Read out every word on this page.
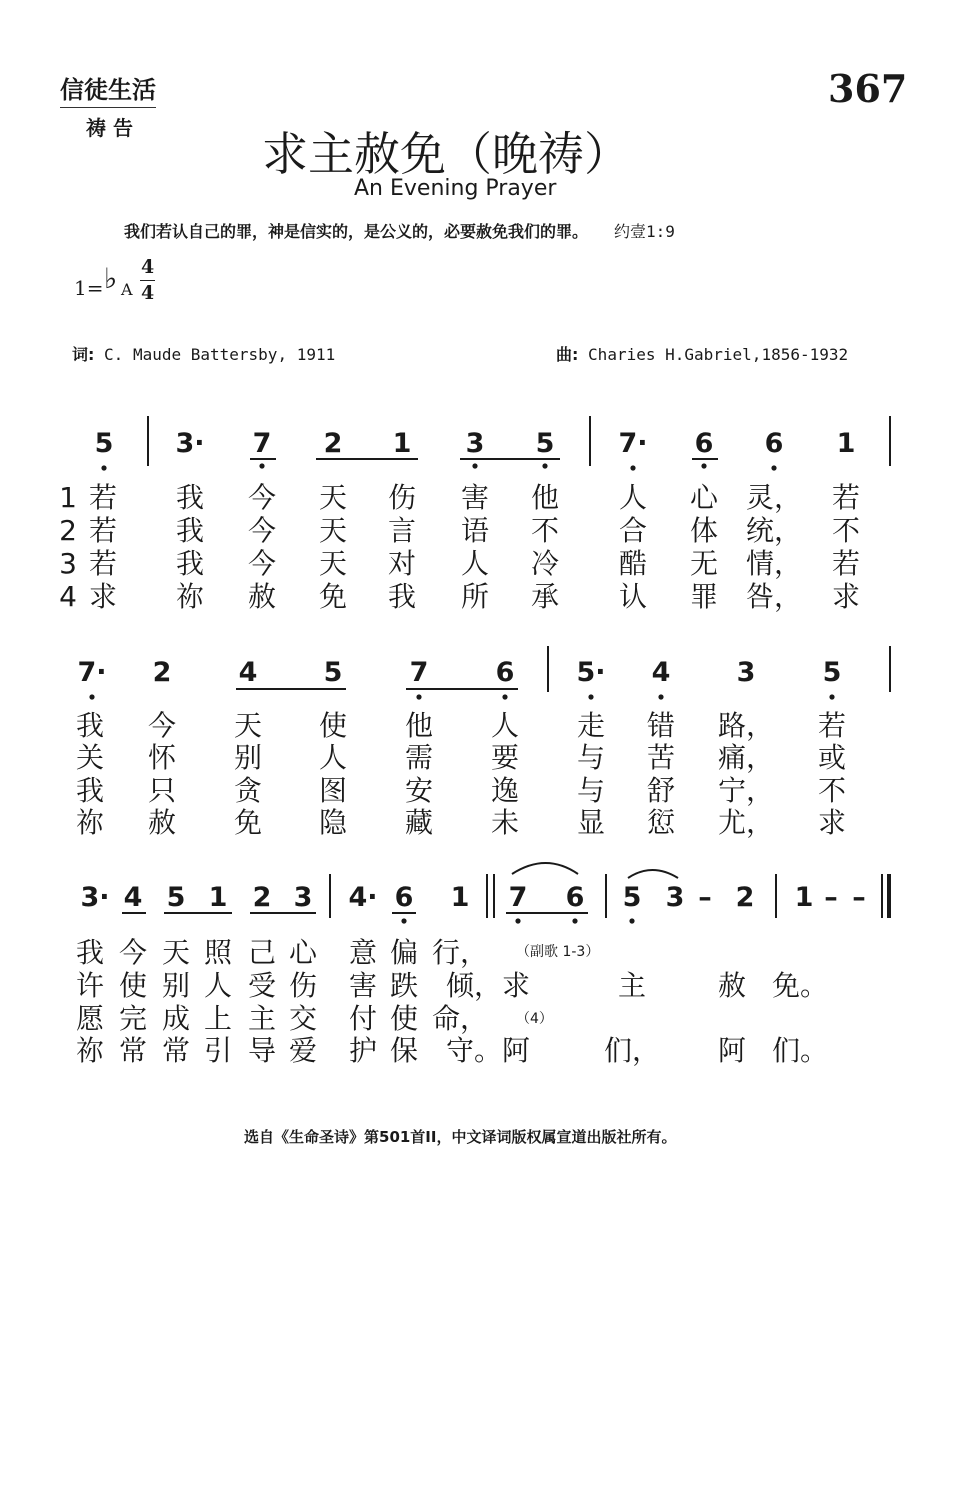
信徒生活
祷 告
367
求主赦免（晚祷）
An Evening Prayer
我们若认自己的罪，神是信实的，是公义的，必要赦免我们的罪。 约壹1:9
1= ♭ A
4
4
词: C. Maude Battersby, 1911	曲: Charies H.Gabriel,1856-1932
5 3· 7 2 1 3 5 7· 6 6 1
1 若 我 今 天 伤 害 他 人 心 灵， 若
2 若 我 今 天 言 语 不 合 体 统， 不
3 若 我 今 天 对 人 冷 酷 无 情， 若
4 求 祢 赦 免 我 所 承 认 罪 咎， 求
7· 2 4 5 7 6 5· 4 3 5
我 今 天 使 他 人 走 错 路， 若
关 怀 别 人 需 要 与 苦 痛， 或
我 只 贪 图 安 逸 与 舒 宁， 不
祢 赦 免 隐 藏 未 显 愆 尤， 求
3· 4 5 1 2 3 4· 6 1 7 6 5 3 – 2 1 – –
我 今 天 照 己 心 意 偏 行，
许 使 别 人 受 伤 害 跌 倾，求	主	赦 免。
愿 完 成 上 主 交 付 使 命，
祢 常 常 引 导 爱 护 保 守。阿	们， 阿 们。
（副歌 1-3）
（4）
选自《生命圣诗》第501首II，中文译词版权属宣道出版社所有。
